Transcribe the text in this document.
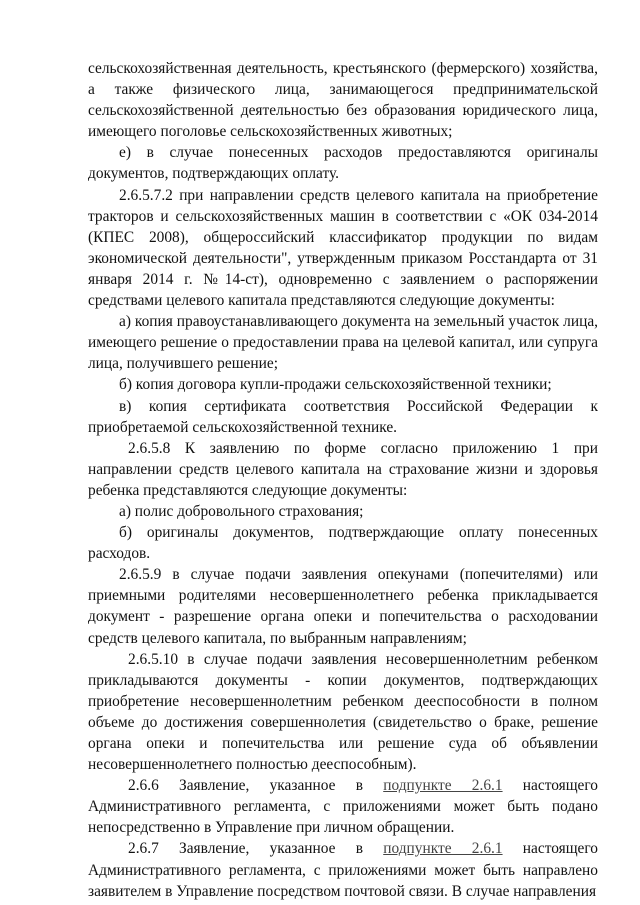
сельскохозяйственная деятельность, крестьянского (фермерского) хозяйства, а также физического лица, занимающегося предпринимательской сельскохозяйственной деятельностью без образования юридического лица, имеющего поголовье сельскохозяйственных животных;

е) в случае понесенных расходов предоставляются оригиналы документов, подтверждающих оплату.

2.6.5.7.2 при направлении средств целевого капитала на приобретение тракторов и сельскохозяйственных машин в соответствии с «ОК 034-2014 (КПЕС 2008), общероссийский классификатор продукции по видам экономической деятельности", утвержденным приказом Росстандарта от 31 января 2014 г. №14-ст), одновременно с заявлением о распоряжении средствами целевого капитала представляются следующие документы:

а) копия правоустанавливающего документа на земельный участок лица, имеющего решение о предоставлении права на целевой капитал, или супруга лица, получившего решение;

б) копия договора купли-продажи сельскохозяйственной техники;

в) копия сертификата соответствия Российской Федерации к приобретаемой сельскохозяйственной технике.

2.6.5.8 К заявлению по форме согласно приложению 1 при направлении средств целевого капитала на страхование жизни и здоровья ребенка представляются следующие документы:

а) полис добровольного страхования;

б) оригиналы документов, подтверждающие оплату понесенных расходов.

2.6.5.9 в случае подачи заявления опекунами (попечителями) или приемными родителями несовершеннолетнего ребенка прикладывается документ - разрешение органа опеки и попечительства о расходовании средств целевого капитала, по выбранным направлениям;

2.6.5.10 в случае подачи заявления несовершеннолетним ребенком прикладываются документы - копии документов, подтверждающих приобретение несовершеннолетним ребенком дееспособности в полном объеме до достижения совершеннолетия (свидетельство о браке, решение органа опеки и попечительства или решение суда об объявлении несовершеннолетнего полностью дееспособным).

2.6.6 Заявление, указанное в подпункте 2.6.1 настоящего Административного регламента, с приложениями может быть подано непосредственно в Управление при личном обращении.

2.6.7 Заявление, указанное в подпункте 2.6.1 настоящего Административного регламента, с приложениями может быть направлено заявителем в Управление посредством почтовой связи. В случае направления
